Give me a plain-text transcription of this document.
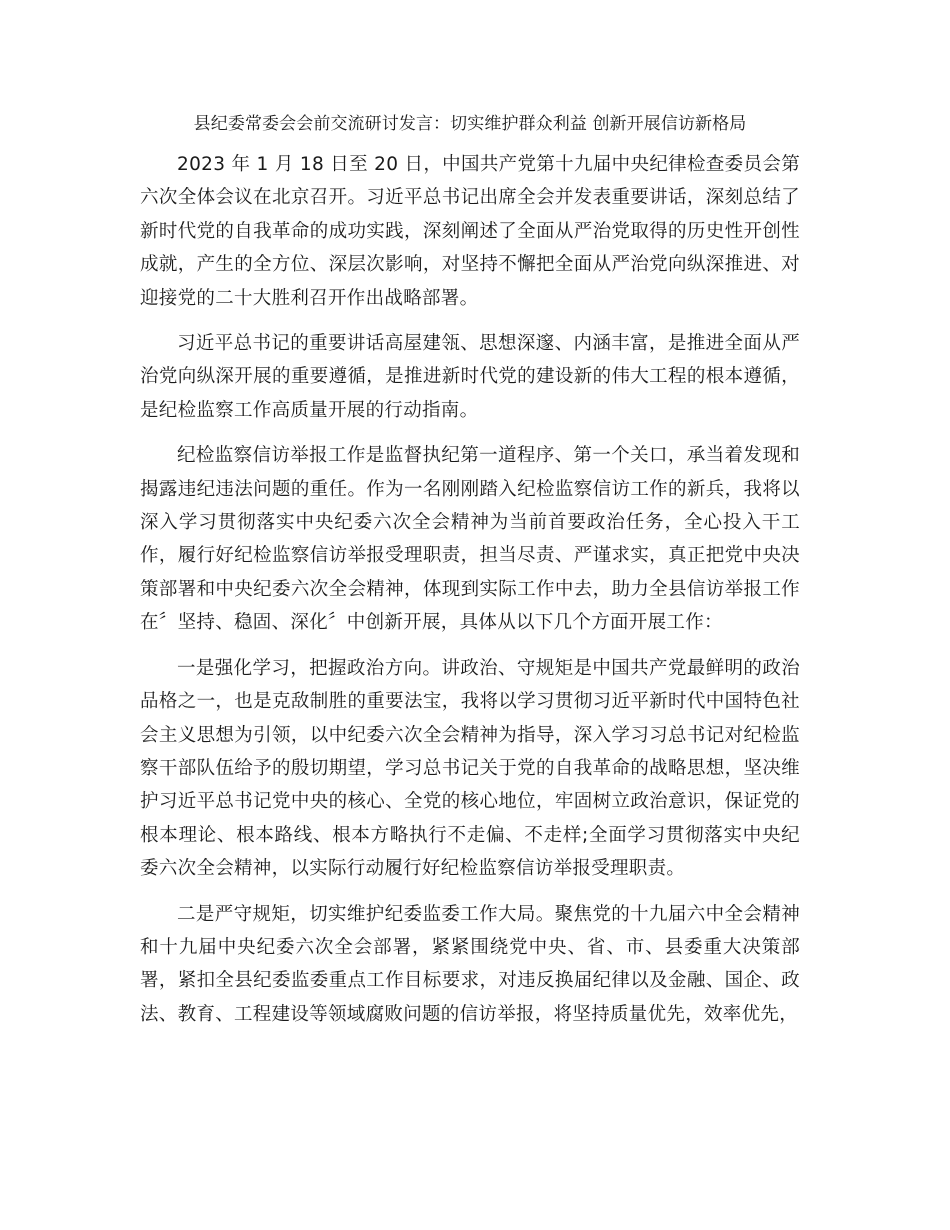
县纪委常委会会前交流研讨发言：切实维护群众利益 创新开展信访新格局

2023 年 1 月 18 日至 20 日，中国共产党第十九届中央纪律检查委员会第六次全体会议在北京召开。习近平总书记出席全会并发表重要讲话，深刻总结了新时代党的自我革命的成功实践，深刻阐述了全面从严治党取得的历史性开创性成就，产生的全方位、深层次影响，对坚持不懈把全面从严治党向纵深推进、对迎接党的二十大胜利召开作出战略部署。

习近平总书记的重要讲话高屋建瓴、思想深邃、内涵丰富，是推进全面从严治党向纵深开展的重要遵循，是推进新时代党的建设新的伟大工程的根本遵循，是纪检监察工作高质量开展的行动指南。

纪检监察信访举报工作是监督执纪第一道程序、第一个关口，承当着发现和揭露违纪违法问题的重任。作为一名刚刚踏入纪检监察信访工作的新兵，我将以深入学习贯彻落实中央纪委六次全会精神为当前首要政治任务，全心投入干工作，履行好纪检监察信访举报受理职责，担当尽责、严谨求实，真正把党中央决策部署和中央纪委六次全会精神，体现到实际工作中去，助力全县信访举报工作在〞坚持、稳固、深化〞中创新开展，具体从以下几个方面开展工作：

一是强化学习，把握政治方向。讲政治、守规矩是中国共产党最鲜明的政治品格之一，也是克敌制胜的重要法宝，我将以学习贯彻习近平新时代中国特色社会主义思想为引领，以中纪委六次全会精神为指导，深入学习习总书记对纪检监察干部队伍给予的殷切期望，学习总书记关于党的自我革命的战略思想，坚决维护习近平总书记党中央的核心、全党的核心地位，牢固树立政治意识，保证党的根本理论、根本路线、根本方略执行不走偏、不走样;全面学习贯彻落实中央纪委六次全会精神，以实际行动履行好纪检监察信访举报受理职责。

二是严守规矩，切实维护纪委监委工作大局。聚焦党的十九届六中全会精神和十九届中央纪委六次全会部署，紧紧围绕党中央、省、市、县委重大决策部署，紧扣全县纪委监委重点工作目标要求，对违反换届纪律以及金融、国企、政法、教育、工程建设等领域腐败问题的信访举报，将坚持质量优先，效率优先，
